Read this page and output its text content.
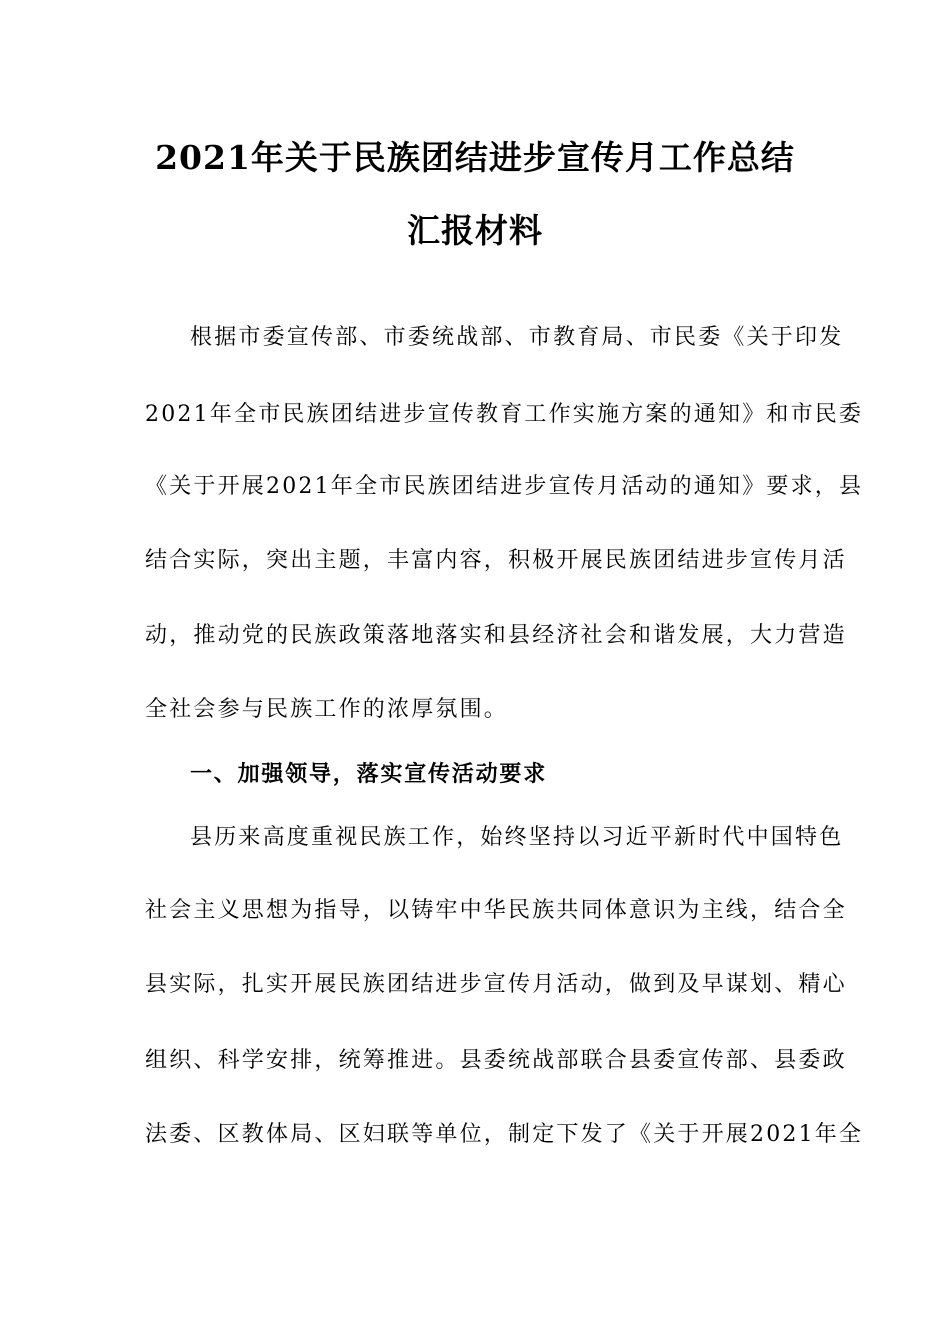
2021年关于民族团结进步宣传月工作总结
汇报材料
根据市委宣传部、市委统战部、市教育局、市民委《关于印发
2021年全市民族团结进步宣传教育工作实施方案的通知》和市民委
《关于开展2021年全市民族团结进步宣传月活动的通知》要求，县
结合实际，突出主题，丰富内容，积极开展民族团结进步宣传月活
动，推动党的民族政策落地落实和县经济社会和谐发展，大力营造
全社会参与民族工作的浓厚氛围。
一、加强领导，落实宣传活动要求
县历来高度重视民族工作，始终坚持以习近平新时代中国特色
社会主义思想为指导，以铸牢中华民族共同体意识为主线，结合全
县实际，扎实开展民族团结进步宣传月活动，做到及早谋划、精心
组织、科学安排，统筹推进。县委统战部联合县委宣传部、县委政
法委、区教体局、区妇联等单位，制定下发了《关于开展2021年全
